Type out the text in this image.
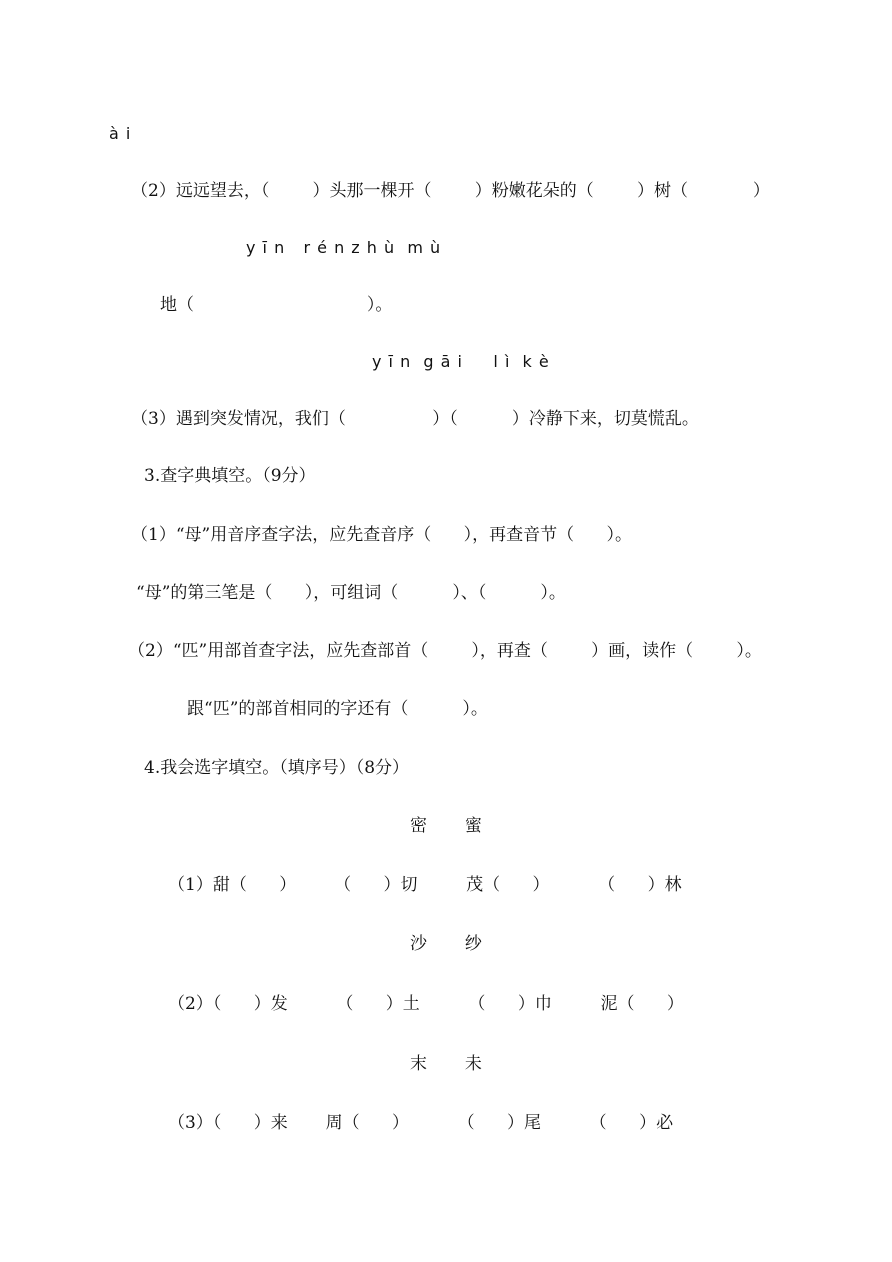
à i
（2）远远望去，（        ）头那一棵开（        ）粉嫩花朵的（        ）树（            ）
y ī n   r é n z h ù  m ù
地（                                ）。
y ī n  g ā i     l ì  k è
（3）遇到突发情况，我们（                ）（          ）冷静下来，切莫慌乱。
3.查字典填空。（9分）
（1）“母”用音序查字法，应先查音序（      ），再查音节（      ）。
“母”的第三笔是（      ），可组词（          ）、（          ）。
（2）“匹”用部首查字法，应先查部首（        ），再查（        ）画，读作（        ）。
跟“匹”的部首相同的字还有（          ）。
4.我会选字填空。（填序号）（8分）
密       蜜
（1）甜（      ）       （      ）切         茂（      ）         （      ）林
沙       纱
（2）（      ）发         （      ）土         （      ）巾         泥（      ）
末       未
（3）（      ）来       周（      ）         （      ）尾         （      ）必
